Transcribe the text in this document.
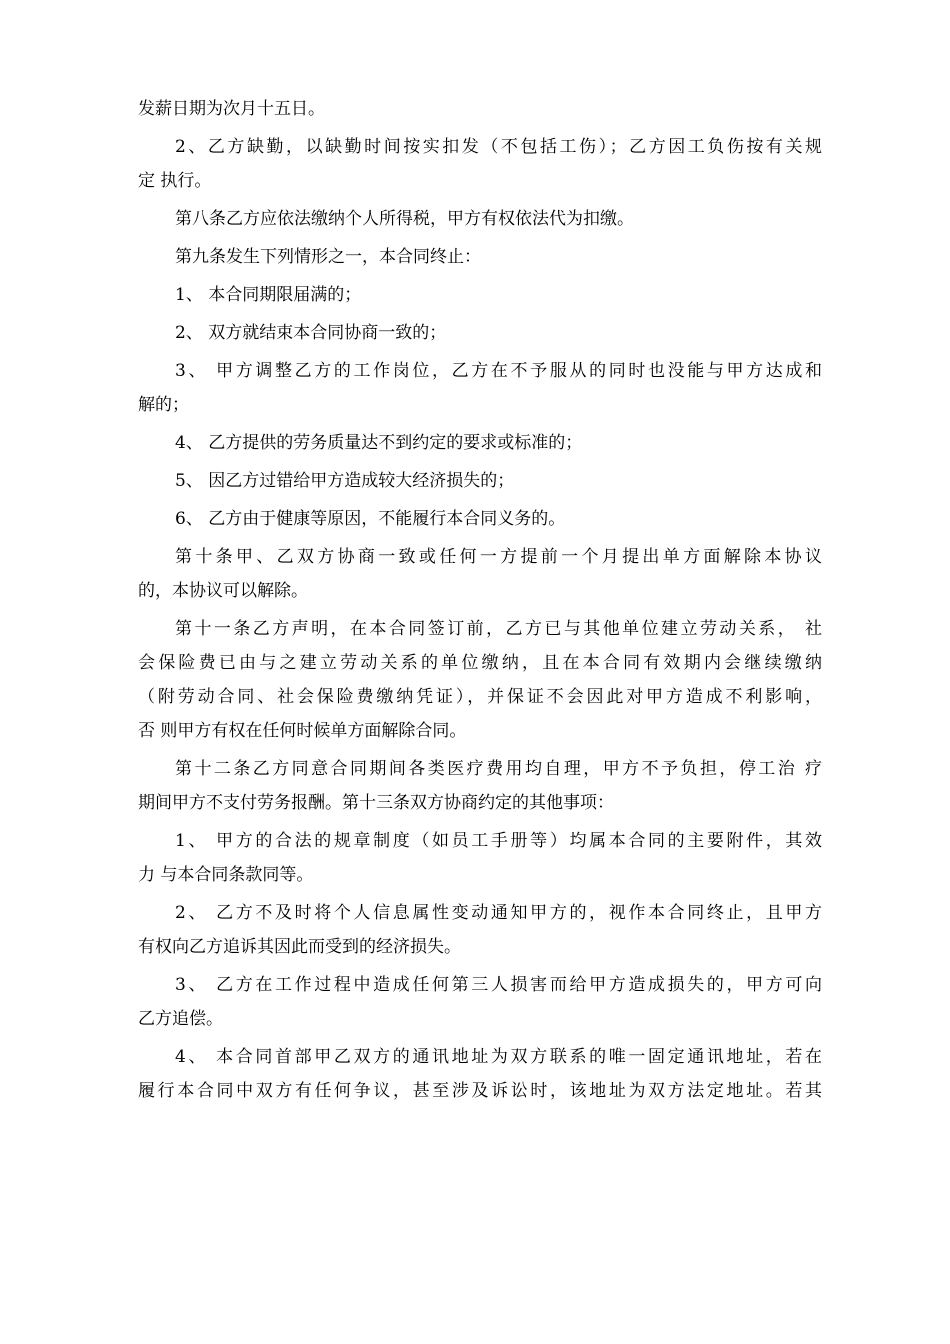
发薪日期为次月十五日。
2、乙方缺勤，以缺勤时间按实扣发（不包括工伤）；乙方因工负伤按有关规
定 执行。
第八条乙方应依法缴纳个人所得税，甲方有权依法代为扣缴。
第九条发生下列情形之一，本合同终止：
1、 本合同期限届满的；
2、 双方就结束本合同协商一致的；
3、 甲方调整乙方的工作岗位，乙方在不予服从的同时也没能与甲方达成和
解的；
4、 乙方提供的劳务质量达不到约定的要求或标准的；
5、 因乙方过错给甲方造成较大经济损失的；
6、 乙方由于健康等原因，不能履行本合同义务的。
第十条甲、乙双方协商一致或任何一方提前一个月提出单方面解除本协议
的，本协议可以解除。
第十一条乙方声明，在本合同签订前，乙方已与其他单位建立劳动关系， 社
会保险费已由与之建立劳动关系的单位缴纳，且在本合同有效期内会继续缴纳
（附劳动合同、社会保险费缴纳凭证），并保证不会因此对甲方造成不利影响，
否 则甲方有权在任何时候单方面解除合同。
第十二条乙方同意合同期间各类医疗费用均自理，甲方不予负担，停工治 疗
期间甲方不支付劳务报酬。第十三条双方协商约定的其他事项：
1、 甲方的合法的规章制度（如员工手册等）均属本合同的主要附件，其效
力 与本合同条款同等。
2、 乙方不及时将个人信息属性变动通知甲方的，视作本合同终止，且甲方
有权向乙方追诉其因此而受到的经济损失。
3、 乙方在工作过程中造成任何第三人损害而给甲方造成损失的，甲方可向
乙方追偿。
4、 本合同首部甲乙双方的通讯地址为双方联系的唯一固定通讯地址，若在
履行本合同中双方有任何争议，甚至涉及诉讼时，该地址为双方法定地址。若其
